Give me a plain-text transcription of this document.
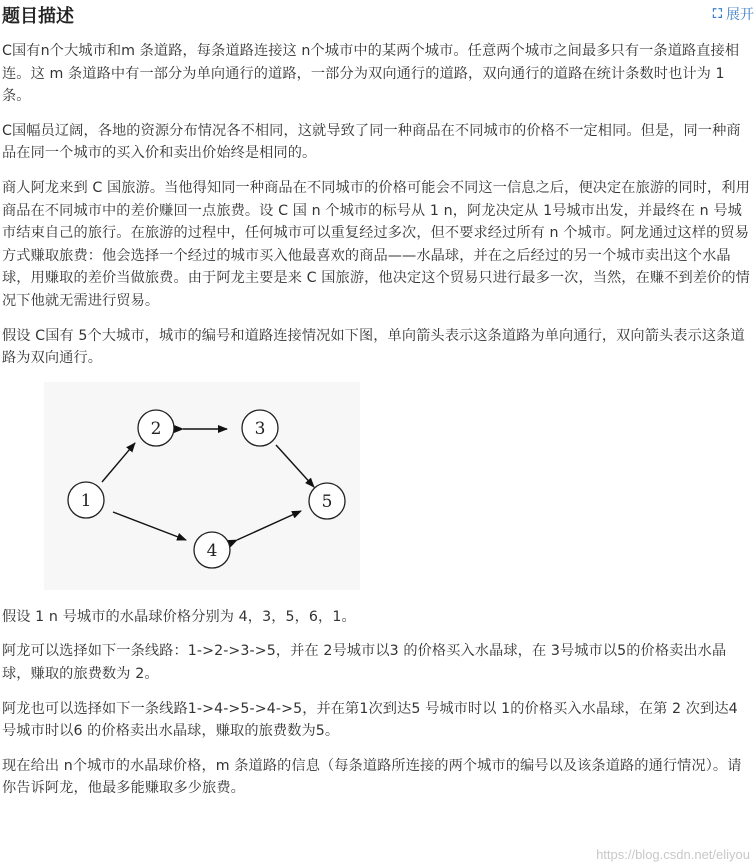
题目描述	⛶ 展开

C国有n个大城市和m 条道路，每条道路连接这 n个城市中的某两个城市。任意两个城市之间最多只有一条道路直接相连。这 m 条道路中有一部分为单向通行的道路，一部分为双向通行的道路，双向通行的道路在统计条数时也计为 1条。

C国幅员辽阔，各地的资源分布情况各不相同，这就导致了同一种商品在不同城市的价格不一定相同。但是，同一种商品在同一个城市的买入价和卖出价始终是相同的。

商人阿龙来到 C 国旅游。当他得知同一种商品在不同城市的价格可能会不同这一信息之后，便决定在旅游的同时，利用商品在不同城市中的差价赚回一点旅费。设 C 国 n 个城市的标号从 1 n，阿龙决定从 1号城市出发，并最终在 n 号城市结束自己的旅行。在旅游的过程中，任何城市可以重复经过多次，但不要求经过所有 n 个城市。阿龙通过这样的贸易方式赚取旅费：他会选择一个经过的城市买入他最喜欢的商品——水晶球，并在之后经过的另一个城市卖出这个水晶球，用赚取的差价当做旅费。由于阿龙主要是来 C 国旅游，他决定这个贸易只进行最多一次，当然，在赚不到差价的情况下他就无需进行贸易。

假设 C国有 5个大城市，城市的编号和道路连接情况如下图，单向箭头表示这条道路为单向通行，双向箭头表示这条道路为双向通行。

2	3
1	5
4

假设 1 n 号城市的水晶球价格分别为 4，3，5，6，1。

阿龙可以选择如下一条线路：1->2->3->5，并在 2号城市以3 的价格买入水晶球，在 3号城市以5的价格卖出水晶球，赚取的旅费数为 2。

阿龙也可以选择如下一条线路1->4->5->4->5，并在第1次到达5 号城市时以 1的价格买入水晶球，在第 2 次到达4 号城市时以6 的价格卖出水晶球，赚取的旅费数为5。

现在给出 n个城市的水晶球价格，m 条道路的信息（每条道路所连接的两个城市的编号以及该条道路的通行情况）。请你告诉阿龙，他最多能赚取多少旅费。

https://blog.csdn.net/eliyou
